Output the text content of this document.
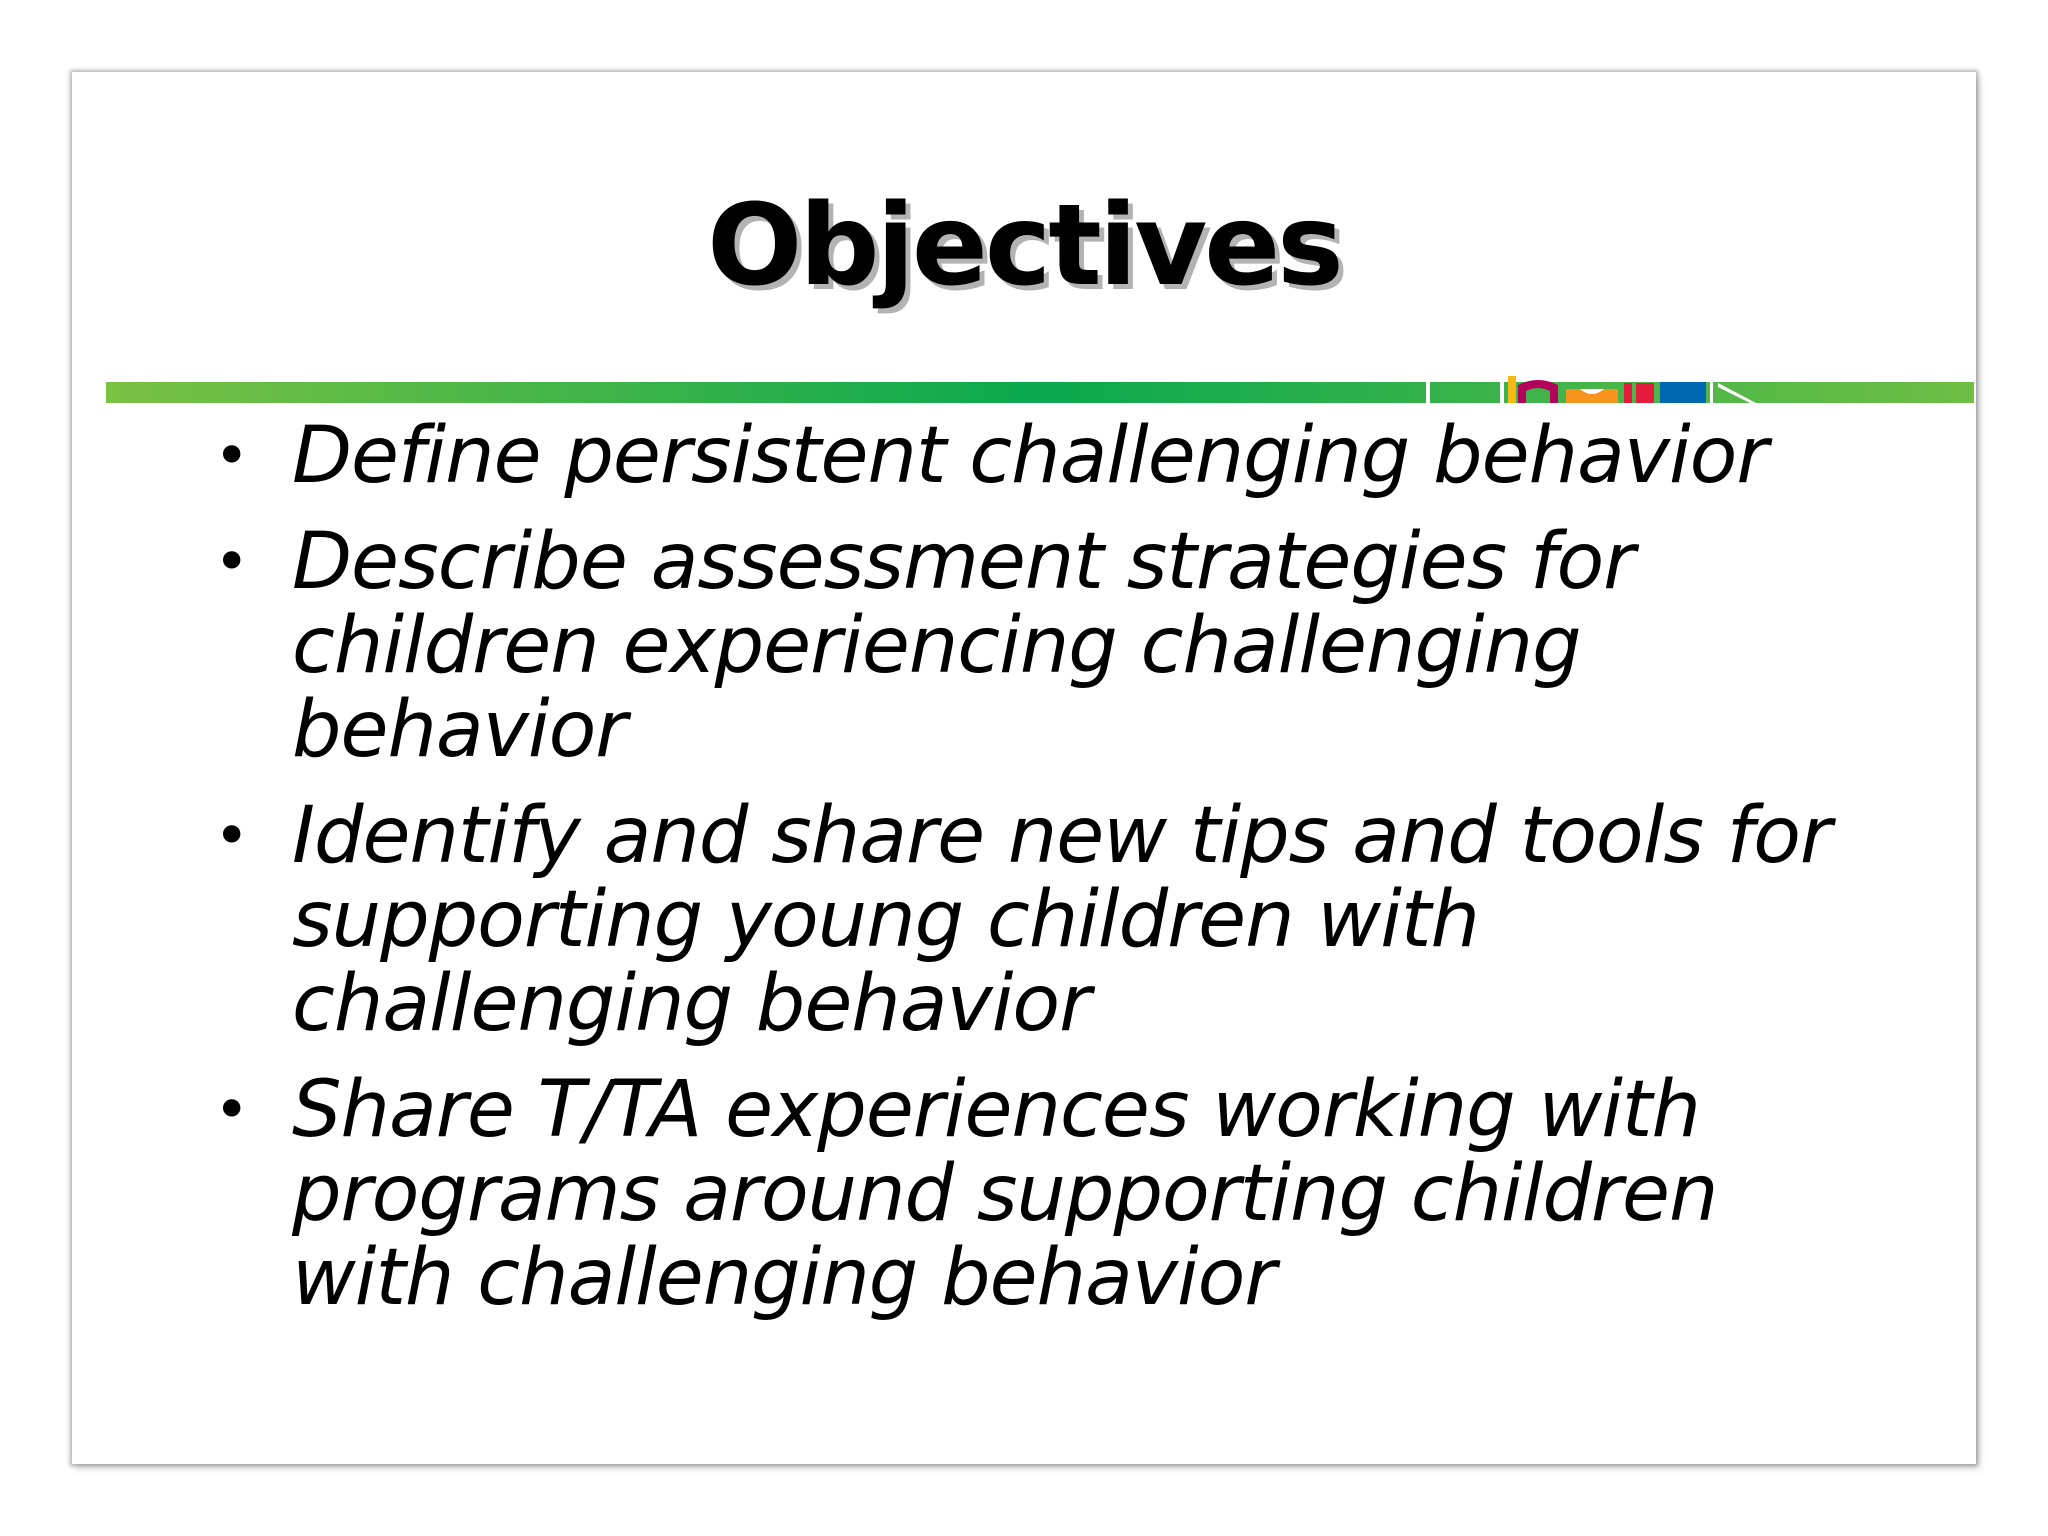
Objectives
• Define persistent challenging behavior
• Describe assessment strategies for
children experiencing challenging
behavior
• Identify and share new tips and tools for
supporting young children with
challenging behavior
• Share T/TA experiences working with
programs around supporting children
with challenging behavior
